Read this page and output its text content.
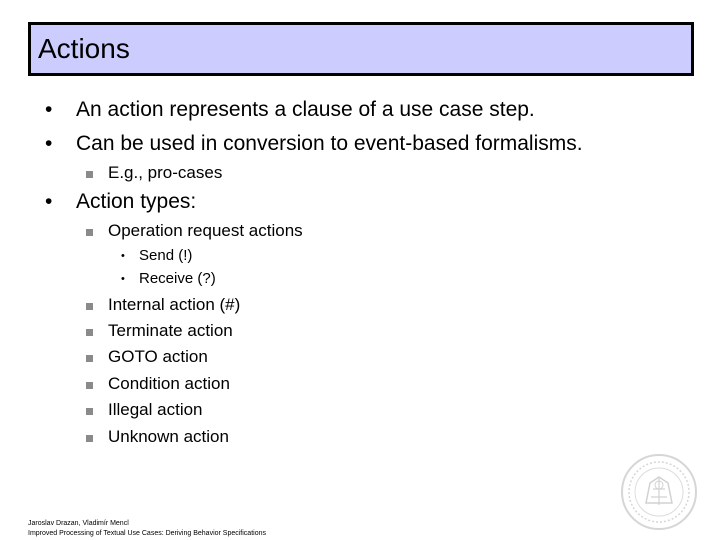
Actions
• An action represents a clause of a use case step.
• Can be used in conversion to event-based formalisms.
E.g., pro-cases
• Action types:
Operation request actions
• Send (!)
• Receive (?)
Internal action (#)
Terminate action
GOTO action
Condition action
Illegal action
Unknown action
Jaroslav Drazan, Vladimír Mencl
Improved Processing of Textual Use Cases: Deriving Behavior Specifications
